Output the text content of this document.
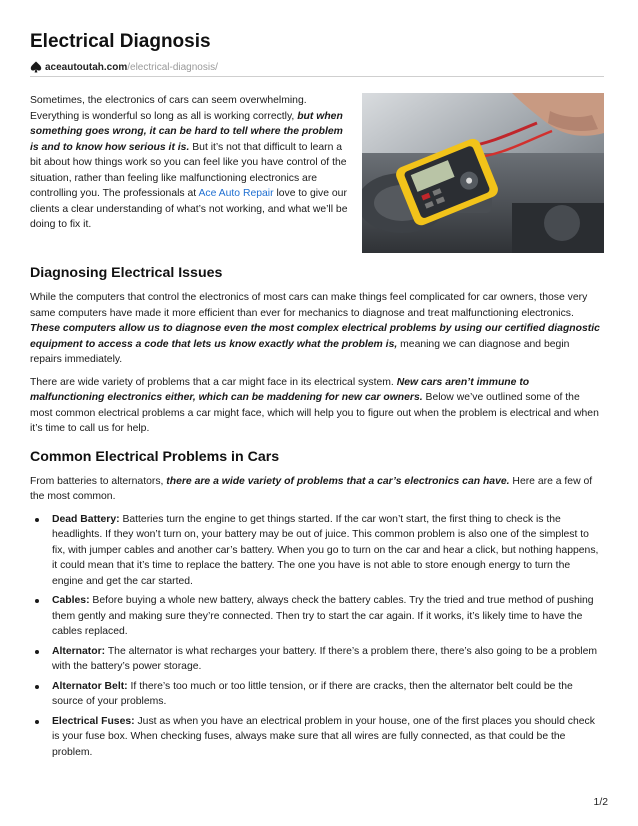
Electrical Diagnosis
aceautoutah.com /electrical-diagnosis/

Sometimes, the electronics of cars can seem overwhelming. Everything is wonderful so long as all is working correctly, but when something goes wrong, it can be hard to tell where the problem is and to know how serious it is. But it’s not that difficult to learn a bit about how things work so you can feel like you have control of the situation, rather than feeling like malfunctioning electronics are controlling you. The professionals at Ace Auto Repair love to give our clients a clear understanding of what’s not working, and what we’ll be doing to fix it.

Diagnosing Electrical Issues

While the computers that control the electronics of most cars can make things feel complicated for car owners, those very same computers have made it more efficient than ever for mechanics to diagnose and treat malfunctioning electronics. These computers allow us to diagnose even the most complex electrical problems by using our certified diagnostic equipment to access a code that lets us know exactly what the problem is, meaning we can diagnose and begin repairs immediately.

There are wide variety of problems that a car might face in its electrical system. New cars aren’t immune to malfunctioning electronics either, which can be maddening for new car owners. Below we’ve outlined some of the most common electrical problems a car might face, which will help you to figure out when the problem is electrical and when it’s time to call us for help.

Common Electrical Problems in Cars

From batteries to alternators, there are a wide variety of problems that a car’s electronics can have. Here are a few of the most common.

Dead Battery: Batteries turn the engine to get things started. If the car won’t start, the first thing to check is the headlights. If they won’t turn on, your battery may be out of juice. This common problem is also one of the simplest to fix, with jumper cables and another car’s battery. When you go to turn on the car and hear a click, but nothing happens, it could mean that it’s time to replace the battery. The one you have is not able to store enough energy to turn the engine and get the car started.
Cables: Before buying a whole new battery, always check the battery cables. Try the tried and true method of pushing them gently and making sure they’re connected. Then try to start the car again. If it works, it’s likely time to have the cables replaced.
Alternator: The alternator is what recharges your battery. If there’s a problem there, there’s also going to be a problem with the battery’s power storage.
Alternator Belt: If there’s too much or too little tension, or if there are cracks, then the alternator belt could be the source of your problems.
Electrical Fuses: Just as when you have an electrical problem in your house, one of the first places you should check is your fuse box. When checking fuses, always make sure that all wires are fully connected, as that could be the problem.
1/2
